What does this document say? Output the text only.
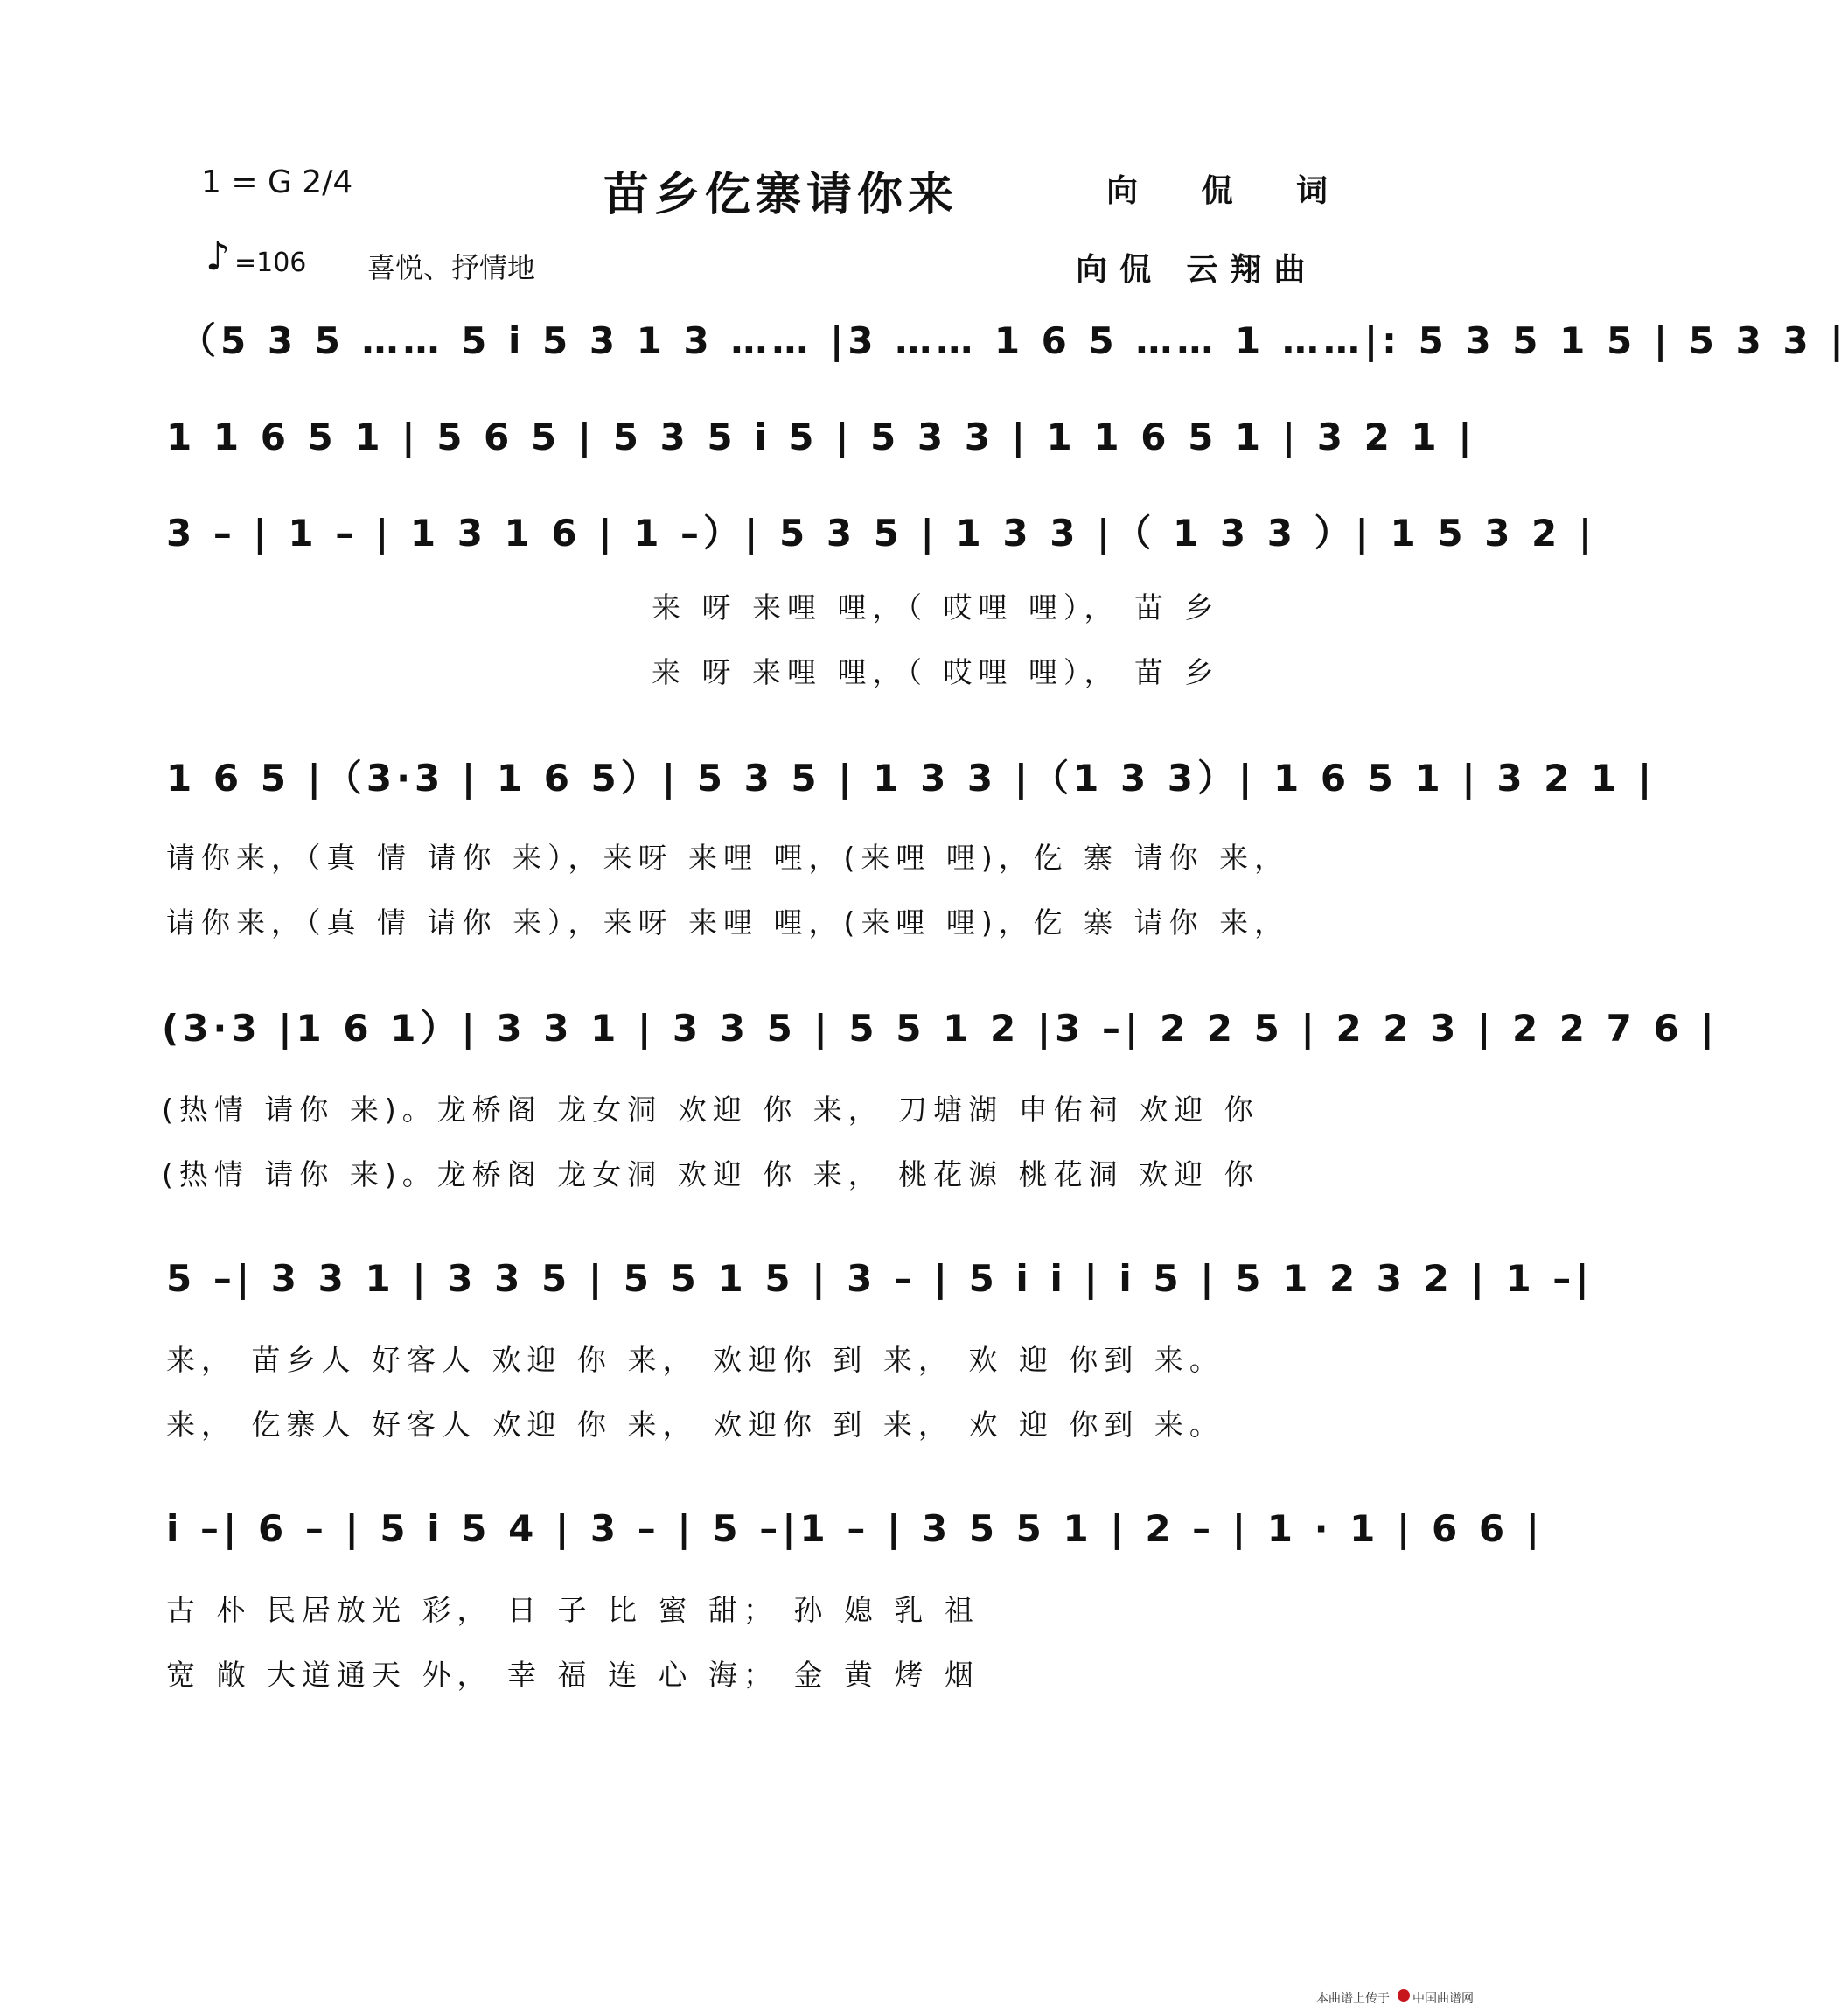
1 = G 2/4	苗乡仡寨请你来	向 侃 词
♪ =106 喜悦、抒情地	向侃 云翔曲
（5 3 5 …… 5 i 5 3 1 3 …… |3 …… 1 6 5 …… 1 ……|: 5 3 5 1 5 | 5 3 3 |
1 1 6 5 1 | 5 6 5 | 5 3 5 i 5 | 5 3 3 | 1 1 6 5 1 | 3 2 1 |
3 – | 1 – | 1 3 1 6 | 1 –）| 5 3 5 | 1 3 3 |（ 1 3 3 ）| 1 5 3 2 |
来 呀 来哩 哩，（ 哎哩 哩）， 苗 乡
来 呀 来哩 哩，（ 哎哩 哩）， 苗 乡
1 6 5 |（3·3 | 1 6 5）| 5 3 5 | 1 3 3 |（1 3 3）| 1 6 5 1 | 3 2 1 |
请你来，（真 情 请你 来），来呀 来哩 哩，(来哩 哩)，仡 寨 请你 来，
请你来，（真 情 请你 来），来呀 来哩 哩，(来哩 哩)，仡 寨 请你 来，
(3·3 |1 6 1）| 3 3 1 | 3 3 5 | 5 5 1 2 |3 –| 2 2 5 | 2 2 3 | 2 2 7 6 |
(热情 请你 来)。龙桥阁 龙女洞 欢迎 你 来， 刀塘湖 申佑祠 欢迎 你
(热情 请你 来)。龙桥阁 龙女洞 欢迎 你 来， 桃花源 桃花洞 欢迎 你
5 –| 3 3 1 | 3 3 5 | 5 5 1 5 | 3 – | 5 i i | i 5 | 5 1 2 3 2 | 1 –|
来， 苗乡人 好客人 欢迎 你 来， 欢迎你 到 来， 欢 迎 你到 来。
来， 仡寨人 好客人 欢迎 你 来， 欢迎你 到 来， 欢 迎 你到 来。
i –| 6 – | 5 i 5 4 | 3 – | 5 –|1 – | 3 5 5 1 | 2 – | 1 · 1 | 6 6 |
古 朴 民居放光 彩， 日 子 比 蜜 甜； 孙 媳 乳 祖
宽 敞 大道通天 外， 幸 福 连 心 海； 金 黄 烤 烟
本曲谱上传于 中国曲谱网
